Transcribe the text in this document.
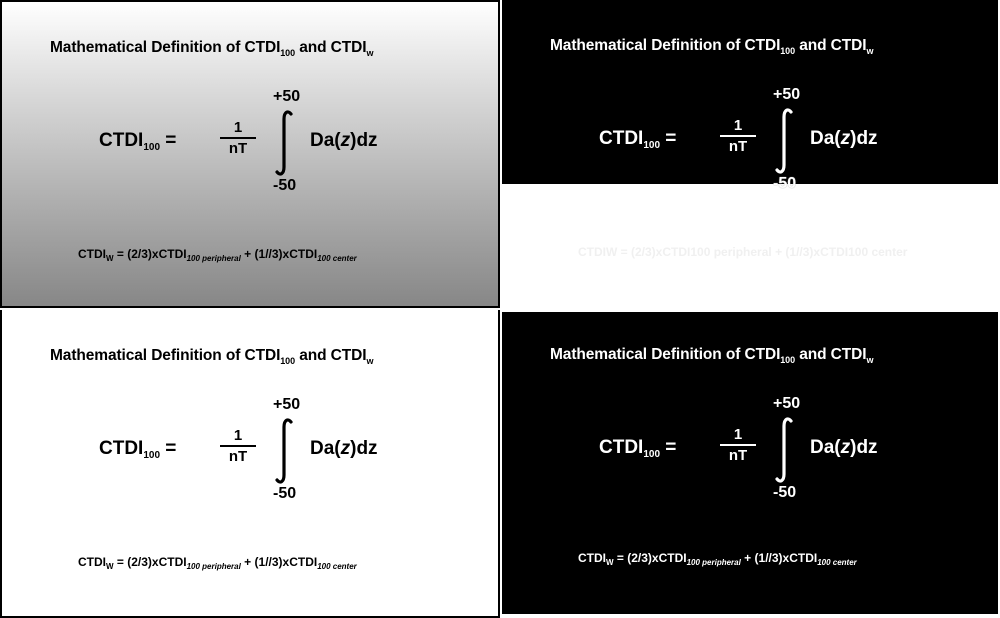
Mathematical Definition of $CTDI_{100}$ and $CTDI_w$
+50
$CTDI_{100}$ =
1
nT	Da(z)dz
-50
$CTDI_W$ = (2/3)xCTDI$_{100 peripheral}$ + (1//3)xCTDI$_{100 center}$
Mathematical Definition of $CTDI_{100}$ and $CTDI_w$
+50
$CTDI_{100}$ =
1
nT	Da(z)dz
-50
CTDIW = (2/3)xCTDI100 peripheral + (1//3)xCTDI100 center
Mathematical Definition of $CTDI_{100}$ and $CTDI_w$
+50
$CTDI_{100}$ =
1
nT	Da(z)dz
-50
$CTDI_W$ = (2/3)xCTDI$_{100 peripheral}$ + (1//3)xCTDI$_{100 center}$
Mathematical Definition of $CTDI_{100}$ and $CTDI_w$
+50
$CTDI_{100}$ =
1
nT	Da(z)dz
-50
$CTDI_W$ = (2/3)xCTDI$_{100 peripheral}$ + (1//3)xCTDI$_{100 center}$
